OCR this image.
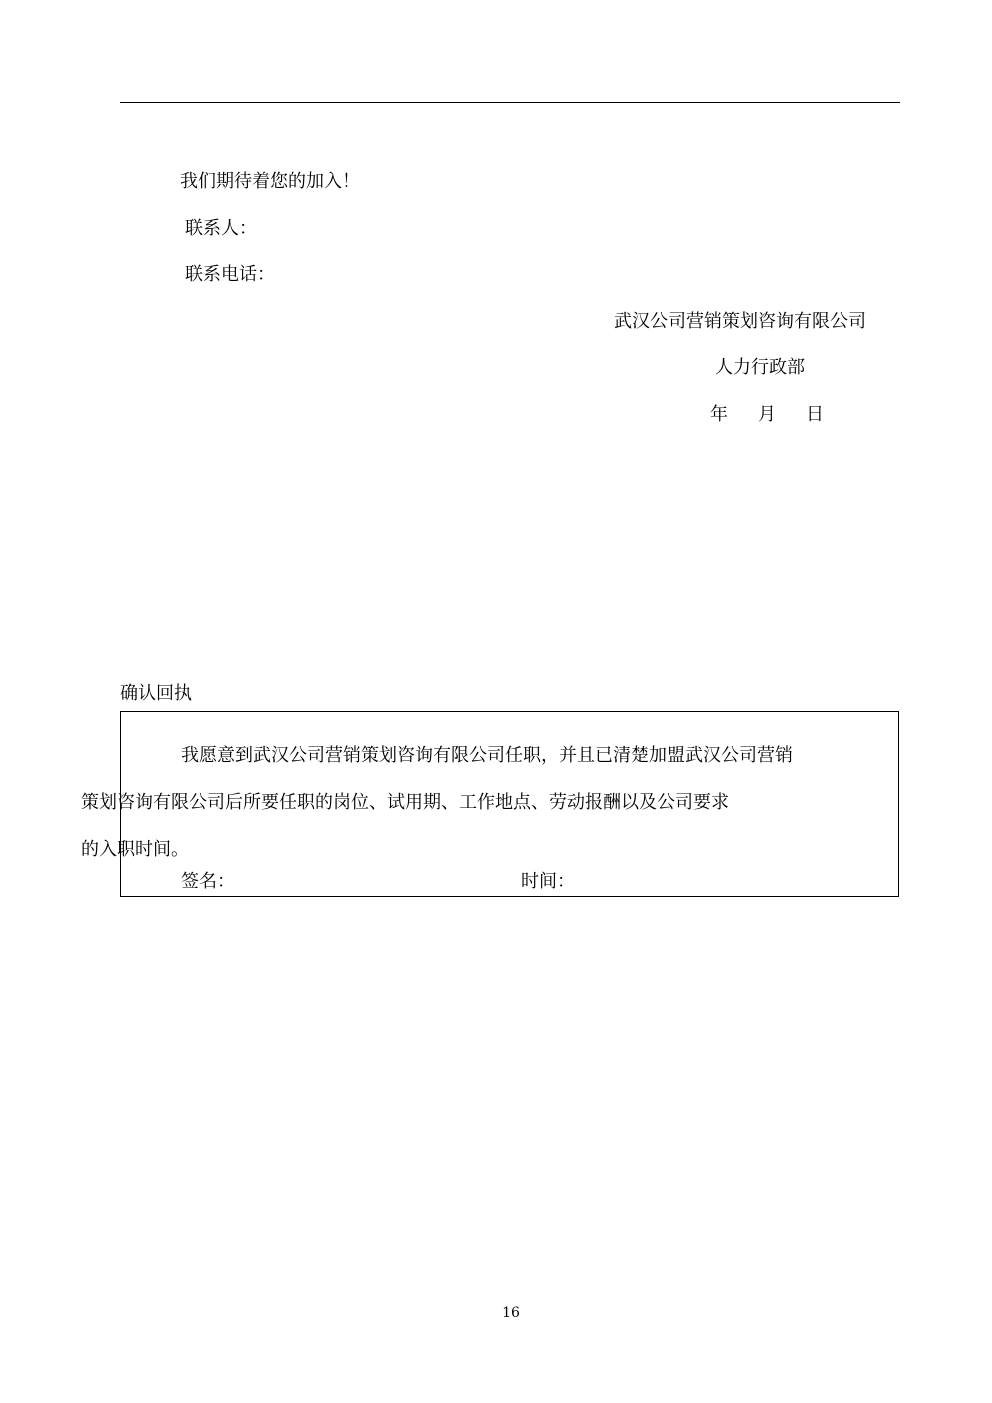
我们期待着您的加入！
联系人：
联系电话：
武汉公司营销策划咨询有限公司
人力行政部
年 月 日
确认回执

我愿意到武汉公司营销策划咨询有限公司任职，并且已清楚加盟武汉公司营销
策划咨询有限公司后所要任职的岗位、试用期、工作地点、劳动报酬以及公司要求
的入职时间。

签名：	时间：
16
